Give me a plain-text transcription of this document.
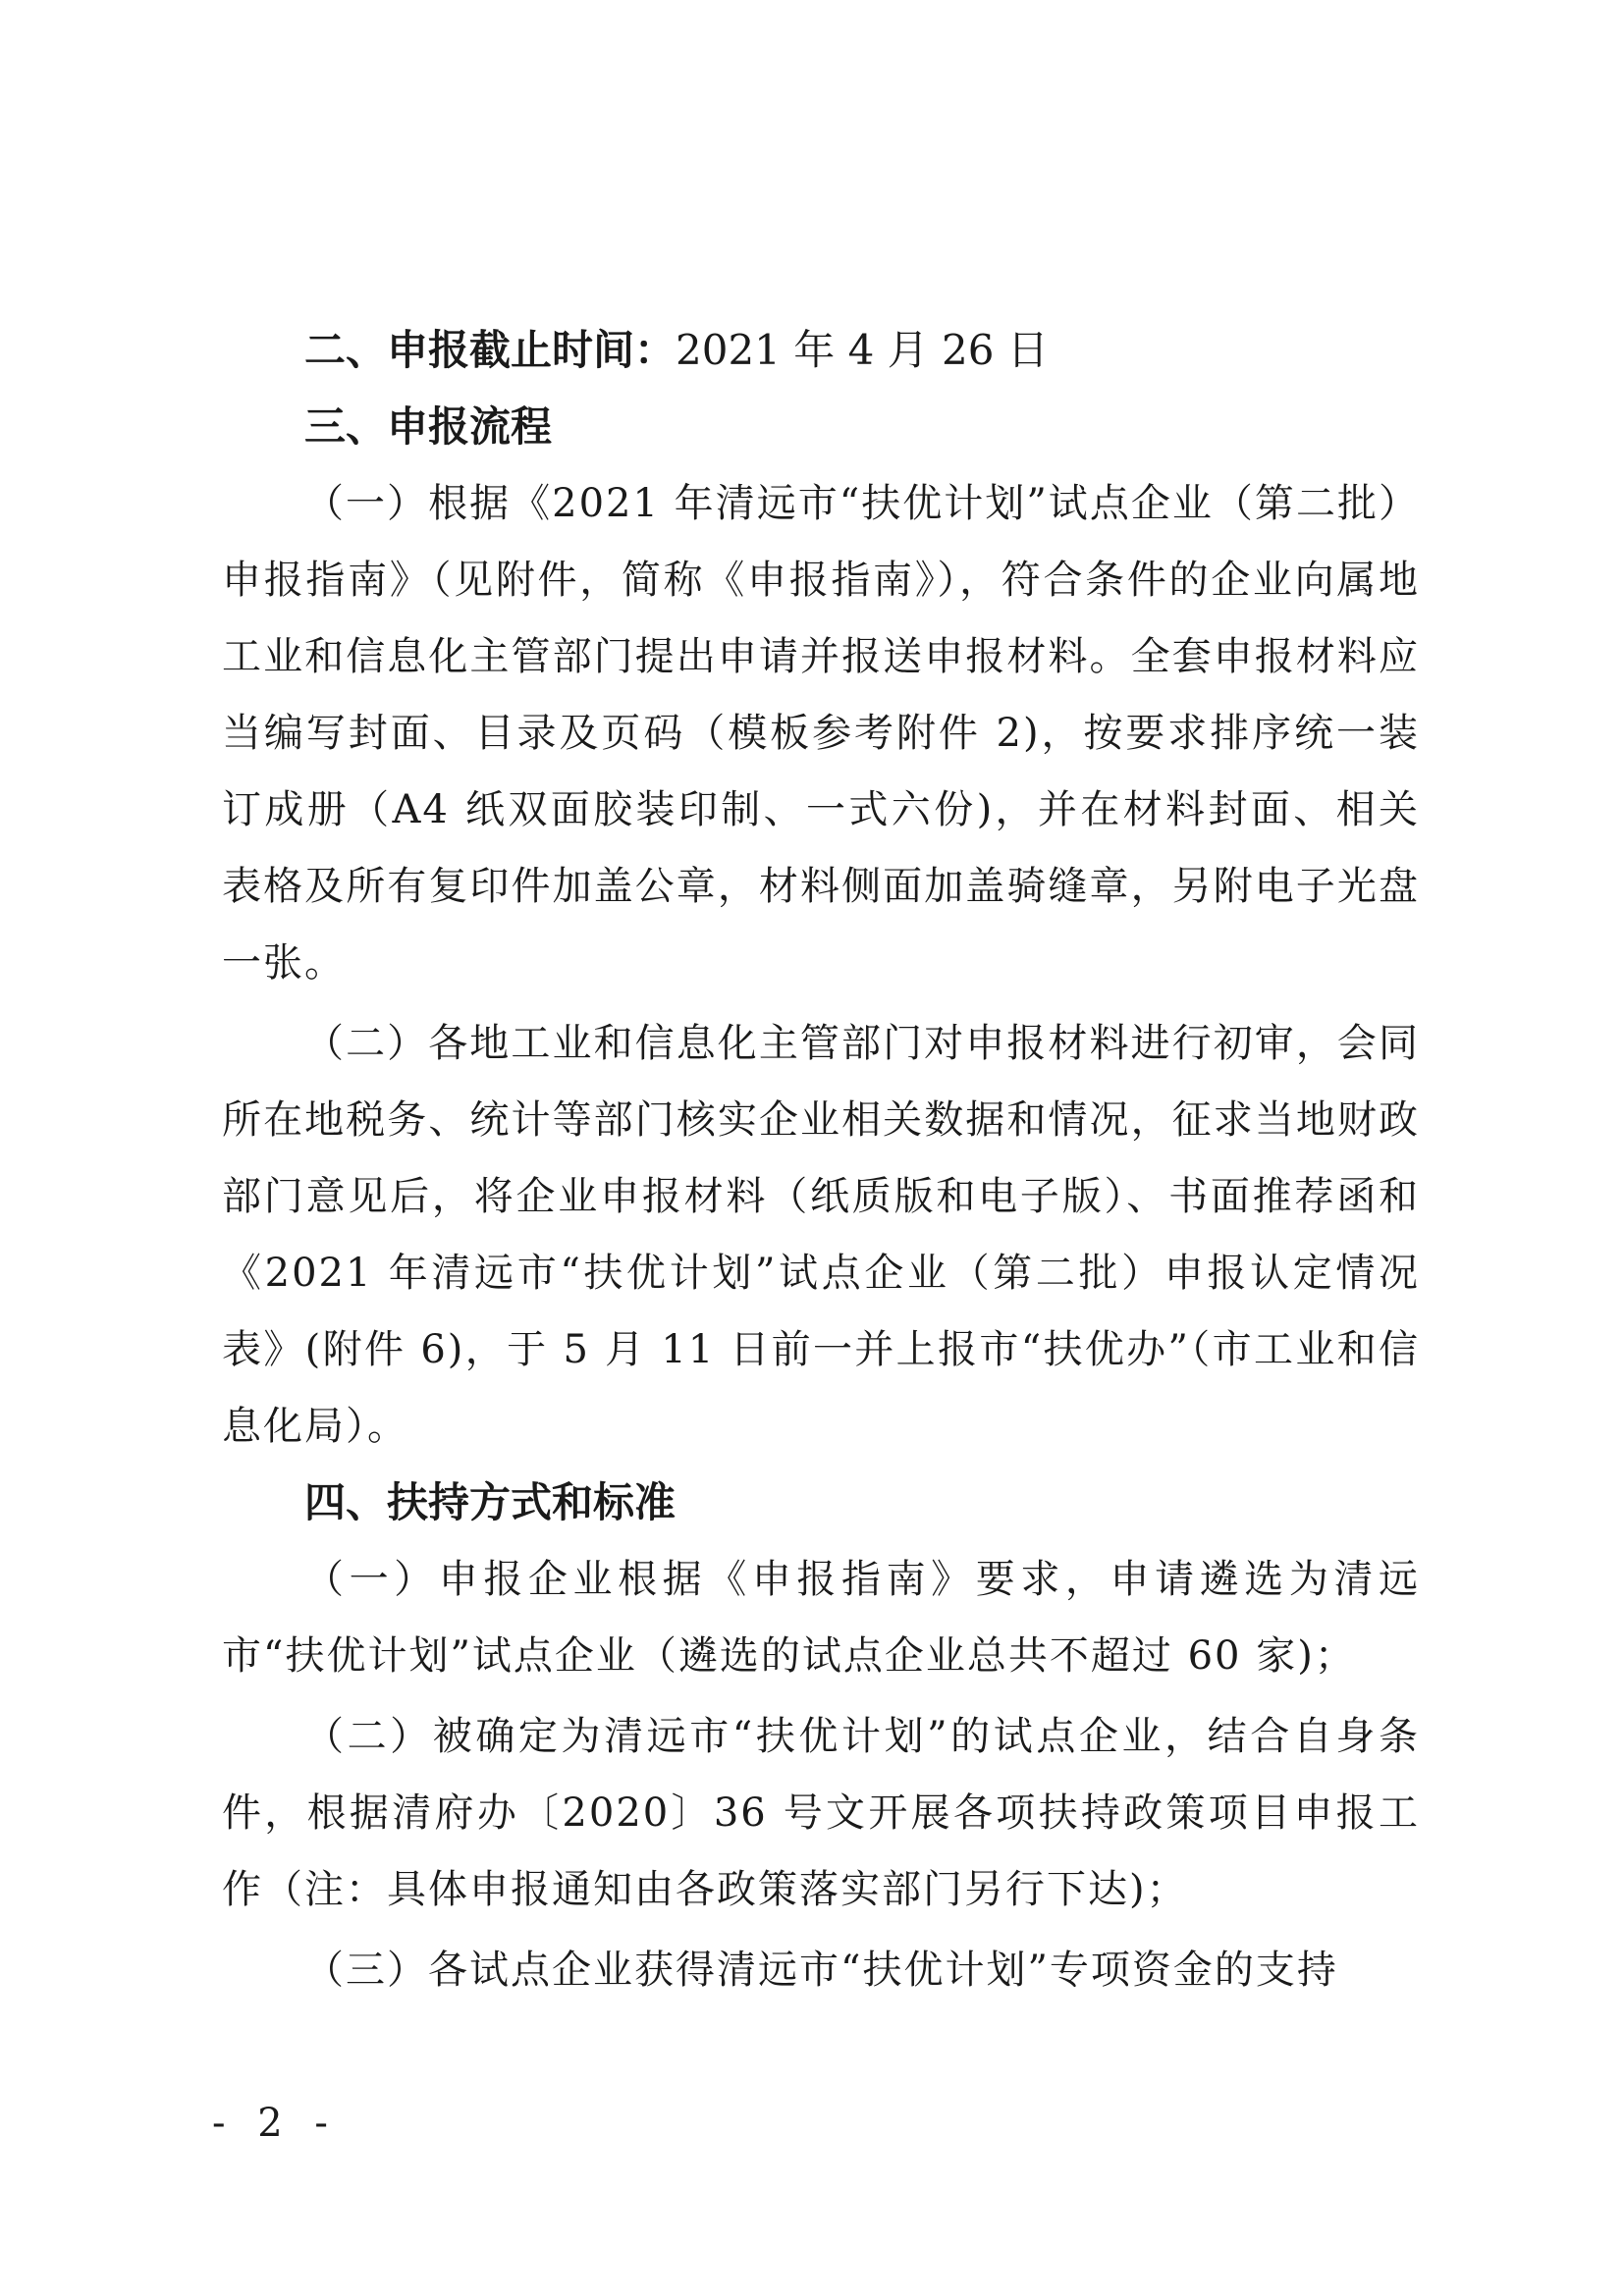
二、申报截止时间：2021 年 4 月 26 日

三、申报流程

（一）根据《2021 年清远市“扶优计划”试点企业（第二批）申报指南》（见附件，简称《申报指南》），符合条件的企业向属地工业和信息化主管部门提出申请并报送申报材料。全套申报材料应当编写封面、目录及页码（模板参考附件 2)，按要求排序统一装订成册（A4 纸双面胶装印制、一式六份)，并在材料封面、相关表格及所有复印件加盖公章，材料侧面加盖骑缝章，另附电子光盘一张。

（二）各地工业和信息化主管部门对申报材料进行初审，会同所在地税务、统计等部门核实企业相关数据和情况，征求当地财政部门意见后，将企业申报材料（纸质版和电子版）、书面推荐函和《2021 年清远市“扶优计划”试点企业（第二批）申报认定情况表》(附件 6)，于 5 月 11 日前一并上报市“扶优办”（市工业和信息化局）。

四、扶持方式和标准

（一）申报企业根据《申报指南》要求，申请遴选为清远市“扶优计划”试点企业（遴选的试点企业总共不超过 60 家)；

（二）被确定为清远市“扶优计划”的试点企业，结合自身条件，根据清府办〔2020〕36 号文开展各项扶持政策项目申报工作（注：具体申报通知由各政策落实部门另行下达)；

（三）各试点企业获得清远市“扶优计划”专项资金的支持

- 2 -
